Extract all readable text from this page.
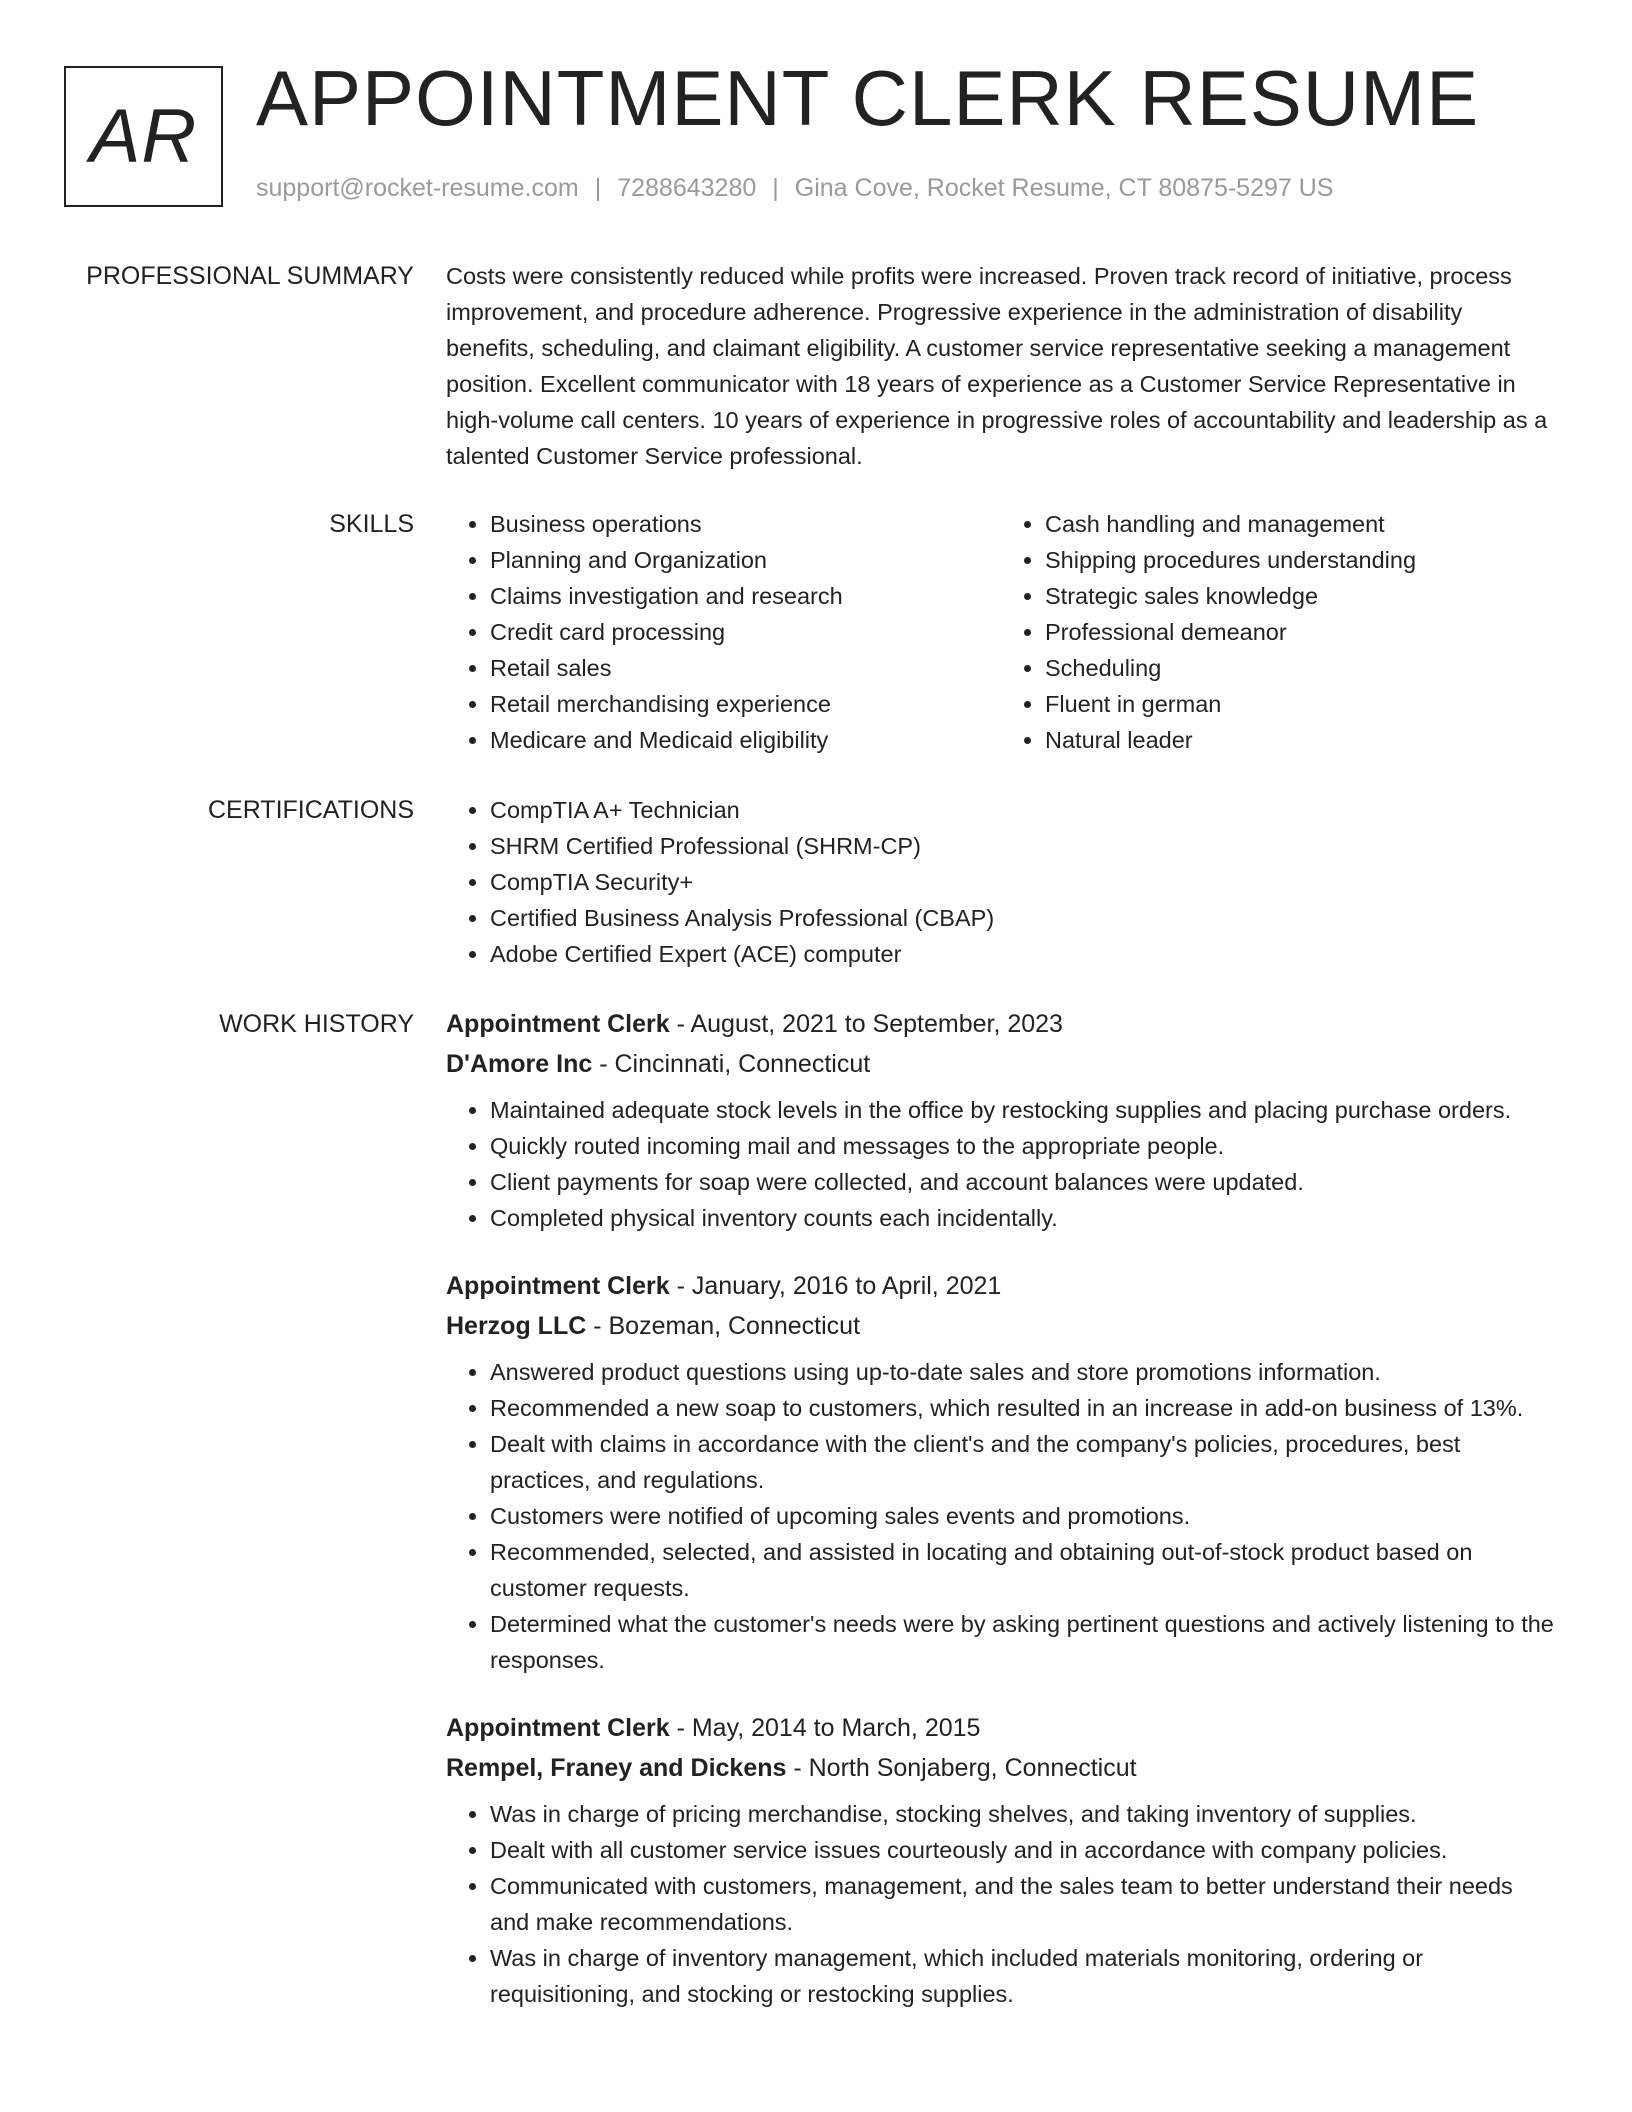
AR APPOINTMENT CLERK RESUME
support@rocket-resume.com | 7288643280 | Gina Cove, Rocket Resume, CT 80875-5297 US
PROFESSIONAL SUMMARY Costs were consistently reduced while profits were increased. Proven track record of initiative, process improvement, and procedure adherence. Progressive experience in the administration of disability benefits, scheduling, and claimant eligibility. A customer service representative seeking a management position. Excellent communicator with 18 years of experience as a Customer Service Representative in high-volume call centers. 10 years of experience in progressive roles of accountability and leadership as a talented Customer Service professional.

SKILLS	• Business operations
• Planning and Organization
• Claims investigation and research
• Credit card processing
• Retail sales
• Retail merchandising experience
• Medicare and Medicaid eligibility
• Cash handling and management
• Shipping procedures understanding
• Strategic sales knowledge
• Professional demeanor
• Scheduling
• Fluent in german
• Natural leader
CERTIFICATIONS	• CompTIA A+ Technician
• SHRM Certified Professional (SHRM-CP)
• CompTIA Security+
• Certified Business Analysis Professional (CBAP)
• Adobe Certified Expert (ACE) computer
WORK HISTORY Appointment Clerk - August, 2021 to September, 2023
D'Amore Inc - Cincinnati, Connecticut
• Maintained adequate stock levels in the office by restocking supplies and placing purchase orders.
• Quickly routed incoming mail and messages to the appropriate people.
• Client payments for soap were collected, and account balances were updated.
• Completed physical inventory counts each incidentally.
Appointment Clerk - January, 2016 to April, 2021
Herzog LLC - Bozeman, Connecticut
• Answered product questions using up-to-date sales and store promotions information.
• Recommended a new soap to customers, which resulted in an increase in add-on business of 13%.
• Dealt with claims in accordance with the client's and the company's policies, procedures, best practices, and regulations.
• Customers were notified of upcoming sales events and promotions.
• Recommended, selected, and assisted in locating and obtaining out-of-stock product based on customer requests.
• Determined what the customer's needs were by asking pertinent questions and actively listening to the responses.
Appointment Clerk - May, 2014 to March, 2015
Rempel, Franey and Dickens - North Sonjaberg, Connecticut
• Was in charge of pricing merchandise, stocking shelves, and taking inventory of supplies.
• Dealt with all customer service issues courteously and in accordance with company policies.
• Communicated with customers, management, and the sales team to better understand their needs and make recommendations.
• Was in charge of inventory management, which included materials monitoring, ordering or requisitioning, and stocking or restocking supplies.
